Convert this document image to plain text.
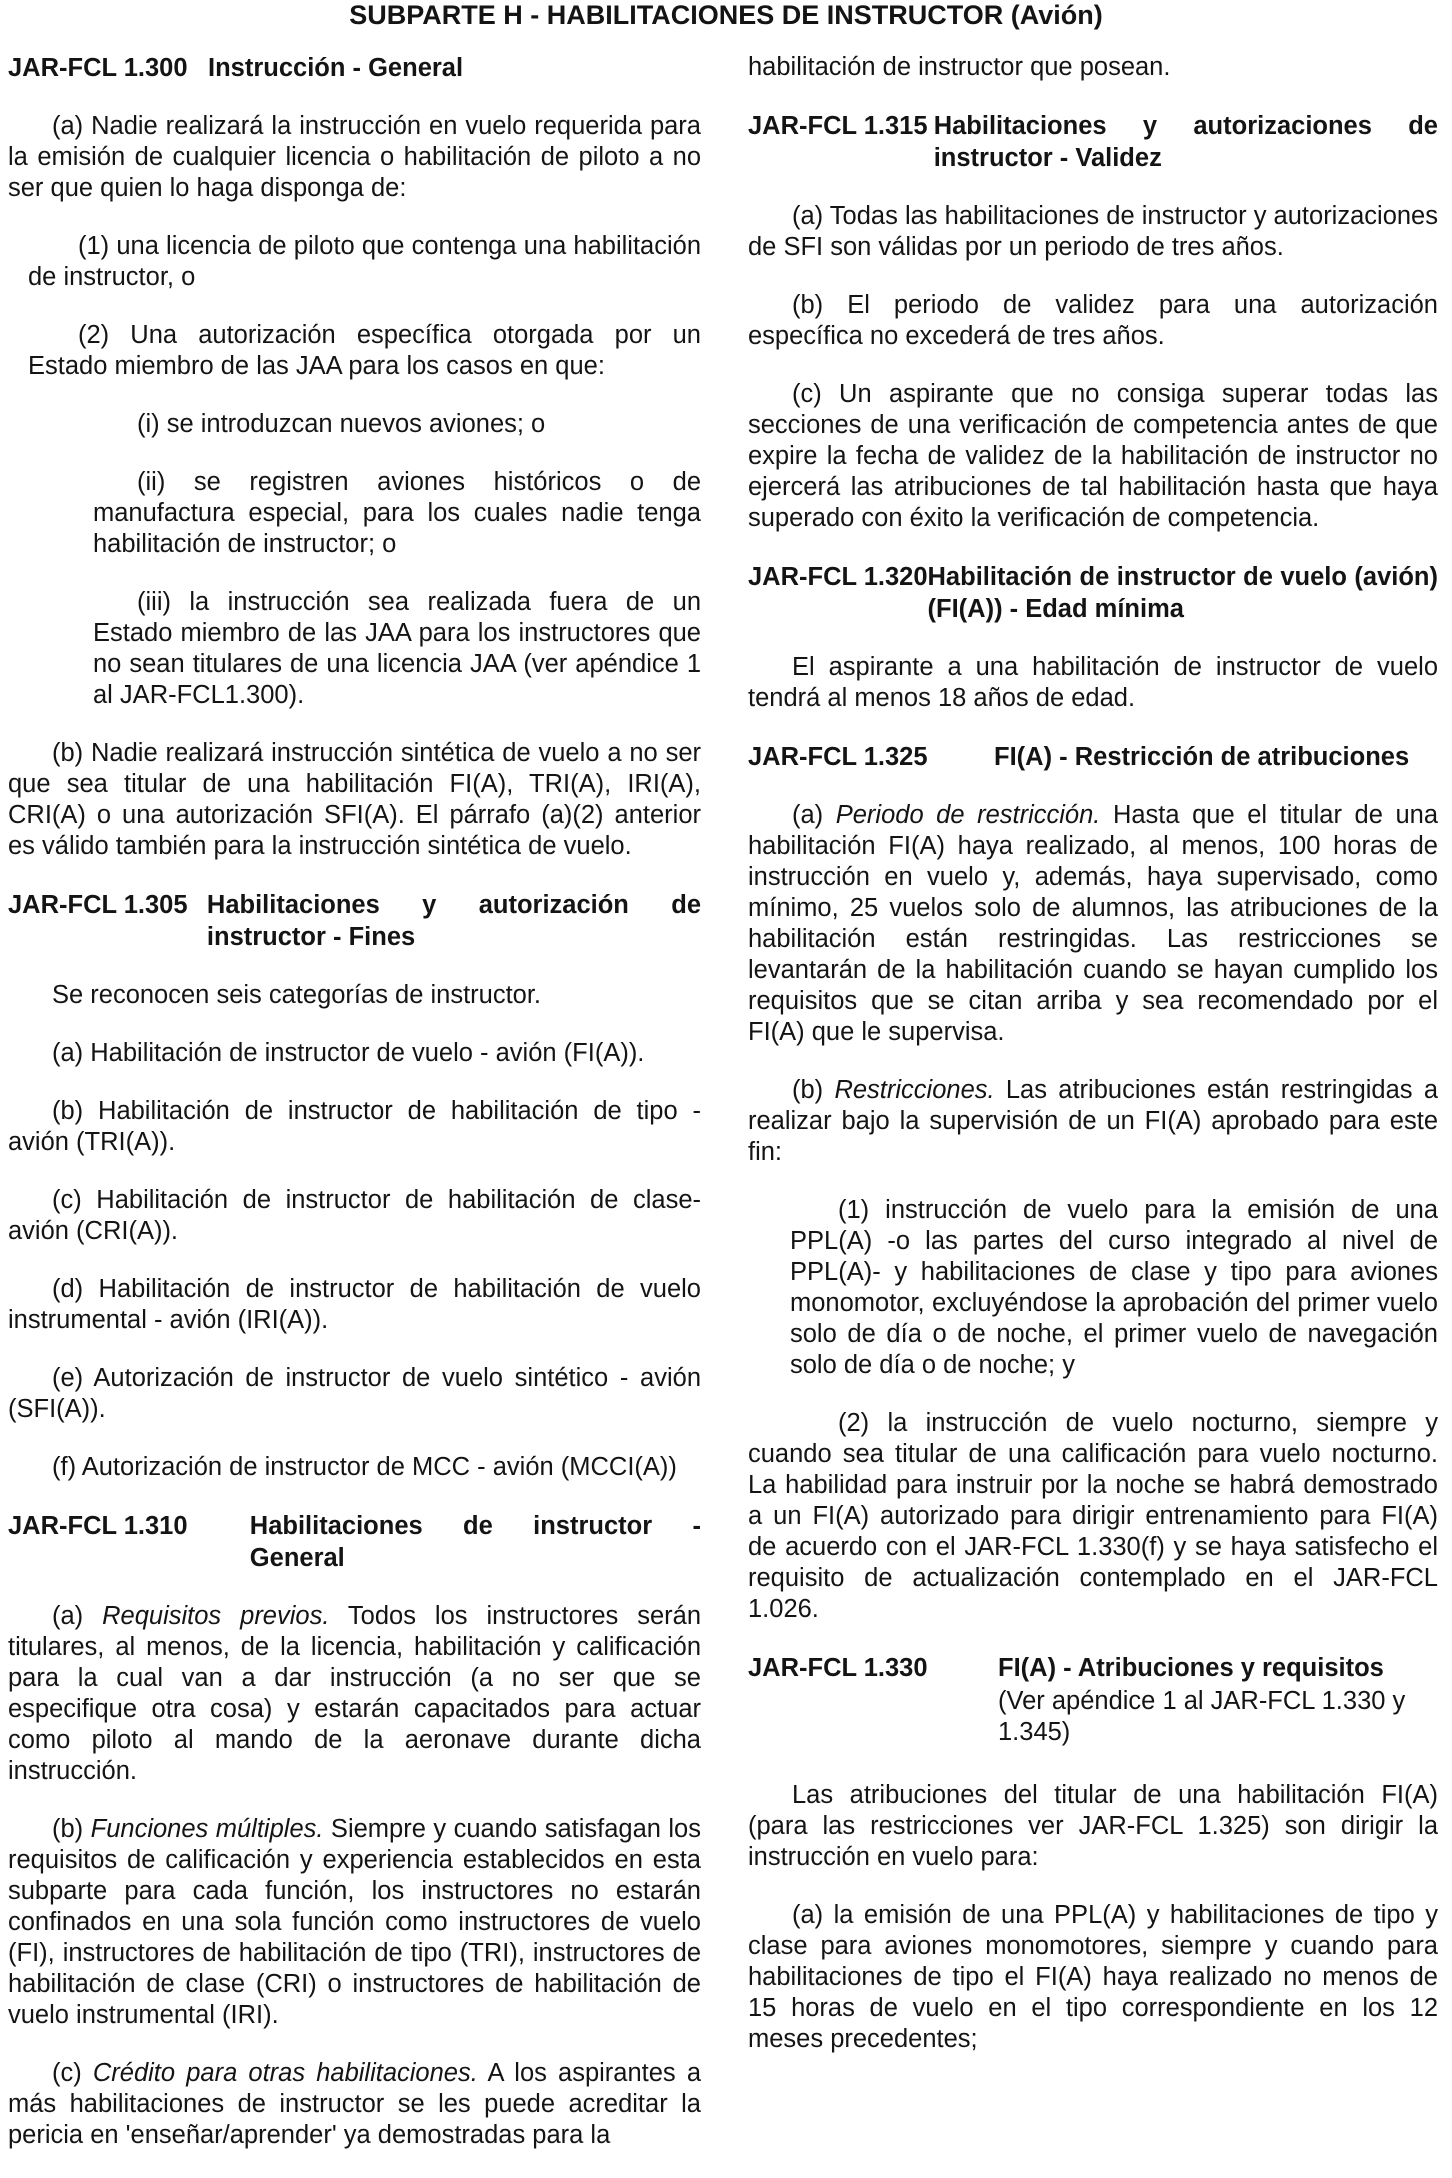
SUBPARTE H - HABILITACIONES DE INSTRUCTOR (Avión)
JAR-FCL 1.300 Instrucción - General

(a) Nadie realizará la instrucción en vuelo requerida para la emisión de cualquier licencia o habilitación de piloto a no ser que quien lo haga disponga de:

(1) una licencia de piloto que contenga una habilitación de instructor, o

(2) Una autorización específica otorgada por un Estado miembro de las JAA para los casos en que:

(i) se introduzcan nuevos aviones; o

(ii) se registren aviones históricos o de manufactura especial, para los cuales nadie tenga habilitación de instructor; o

(iii) la instrucción sea realizada fuera de un Estado miembro de las JAA para los instructores que no sean titulares de una licencia JAA (ver apéndice 1 al JAR-FCL1.300).

(b) Nadie realizará instrucción sintética de vuelo a no ser que sea titular de una habilitación FI(A), TRI(A), IRI(A), CRI(A) o una autorización SFI(A). El párrafo (a)(2) anterior es válido también para la instrucción sintética de vuelo.

JAR-FCL 1.305 Habilitaciones y autorización de instructor - Fines

Se reconocen seis categorías de instructor.

(a) Habilitación de instructor de vuelo - avión (FI(A)).

(b) Habilitación de instructor de habilitación de tipo - avión (TRI(A)).

(c) Habilitación de instructor de habilitación de clase-avión (CRI(A)).

(d) Habilitación de instructor de habilitación de vuelo instrumental - avión (IRI(A)).

(e) Autorización de instructor de vuelo sintético - avión (SFI(A)).

(f) Autorización de instructor de MCC - avión (MCCI(A))

JAR-FCL 1.310	Habilitaciones de instructor - General

(a) Requisitos previos. Todos los instructores serán titulares, al menos, de la licencia, habilitación y calificación para la cual van a dar instrucción (a no ser que se especifique otra cosa) y estarán capacitados para actuar como piloto al mando de la aeronave durante dicha instrucción.

(b) Funciones múltiples. Siempre y cuando satisfagan los requisitos de calificación y experiencia establecidos en esta subparte para cada función, los instructores no estarán confinados en una sola función como instructores de vuelo (FI), instructores de habilitación de tipo (TRI), instructores de habilitación de clase (CRI) o instructores de habilitación de vuelo instrumental (IRI).

(c) Crédito para otras habilitaciones. A los aspirantes a más habilitaciones de instructor se les puede acreditar la pericia en 'enseñar/aprender' ya demostradas para la

habilitación de instructor que posean.

JAR-FCL 1.315 Habilitaciones y autorizaciones de instructor - Validez

(a) Todas las habilitaciones de instructor y autorizaciones de SFI son válidas por un periodo de tres años.

(b) El periodo de validez para una autorización específica no excederá de tres años.

(c) Un aspirante que no consiga superar todas las secciones de una verificación de competencia antes de que expire la fecha de validez de la habilitación de instructor no ejercerá las atribuciones de tal habilitación hasta que haya superado con éxito la verificación de competencia.

JAR-FCL 1.320 Habilitación de instructor de vuelo (avión) (FI(A)) - Edad mínima

El aspirante a una habilitación de instructor de vuelo tendrá al menos 18 años de edad.

JAR-FCL 1.325	FI(A) - Restricción de atribuciones

(a) Periodo de restricción. Hasta que el titular de una habilitación FI(A) haya realizado, al menos, 100 horas de instrucción en vuelo y, además, haya supervisado, como mínimo, 25 vuelos solo de alumnos, las atribuciones de la habilitación están restringidas. Las restricciones se levantarán de la habilitación cuando se hayan cumplido los requisitos que se citan arriba y sea recomendado por el FI(A) que le supervisa.

(b) Restricciones. Las atribuciones están restringidas a realizar bajo la supervisión de un FI(A) aprobado para este fin:

(1) instrucción de vuelo para la emisión de una PPL(A) -o las partes del curso integrado al nivel de PPL(A)- y habilitaciones de clase y tipo para aviones monomotor, excluyéndose la aprobación del primer vuelo solo de día o de noche, el primer vuelo de navegación solo de día o de noche; y

(2) la instrucción de vuelo nocturno, siempre y cuando sea titular de una calificación para vuelo nocturno. La habilidad para instruir por la noche se habrá demostrado a un FI(A) autorizado para dirigir entrenamiento para FI(A) de acuerdo con el JAR-FCL 1.330(f) y se haya satisfecho el requisito de actualización contemplado en el JAR-FCL 1.026.

JAR-FCL 1.330	FI(A) - Atribuciones y requisitos

(Ver apéndice 1 al JAR-FCL 1.330 y 1.345)

Las atribuciones del titular de una habilitación FI(A) (para las restricciones ver JAR-FCL 1.325) son dirigir la instrucción en vuelo para:

(a) la emisión de una PPL(A) y habilitaciones de tipo y clase para aviones monomotores, siempre y cuando para habilitaciones de tipo el FI(A) haya realizado no menos de 15 horas de vuelo en el tipo correspondiente en los 12 meses precedentes;
